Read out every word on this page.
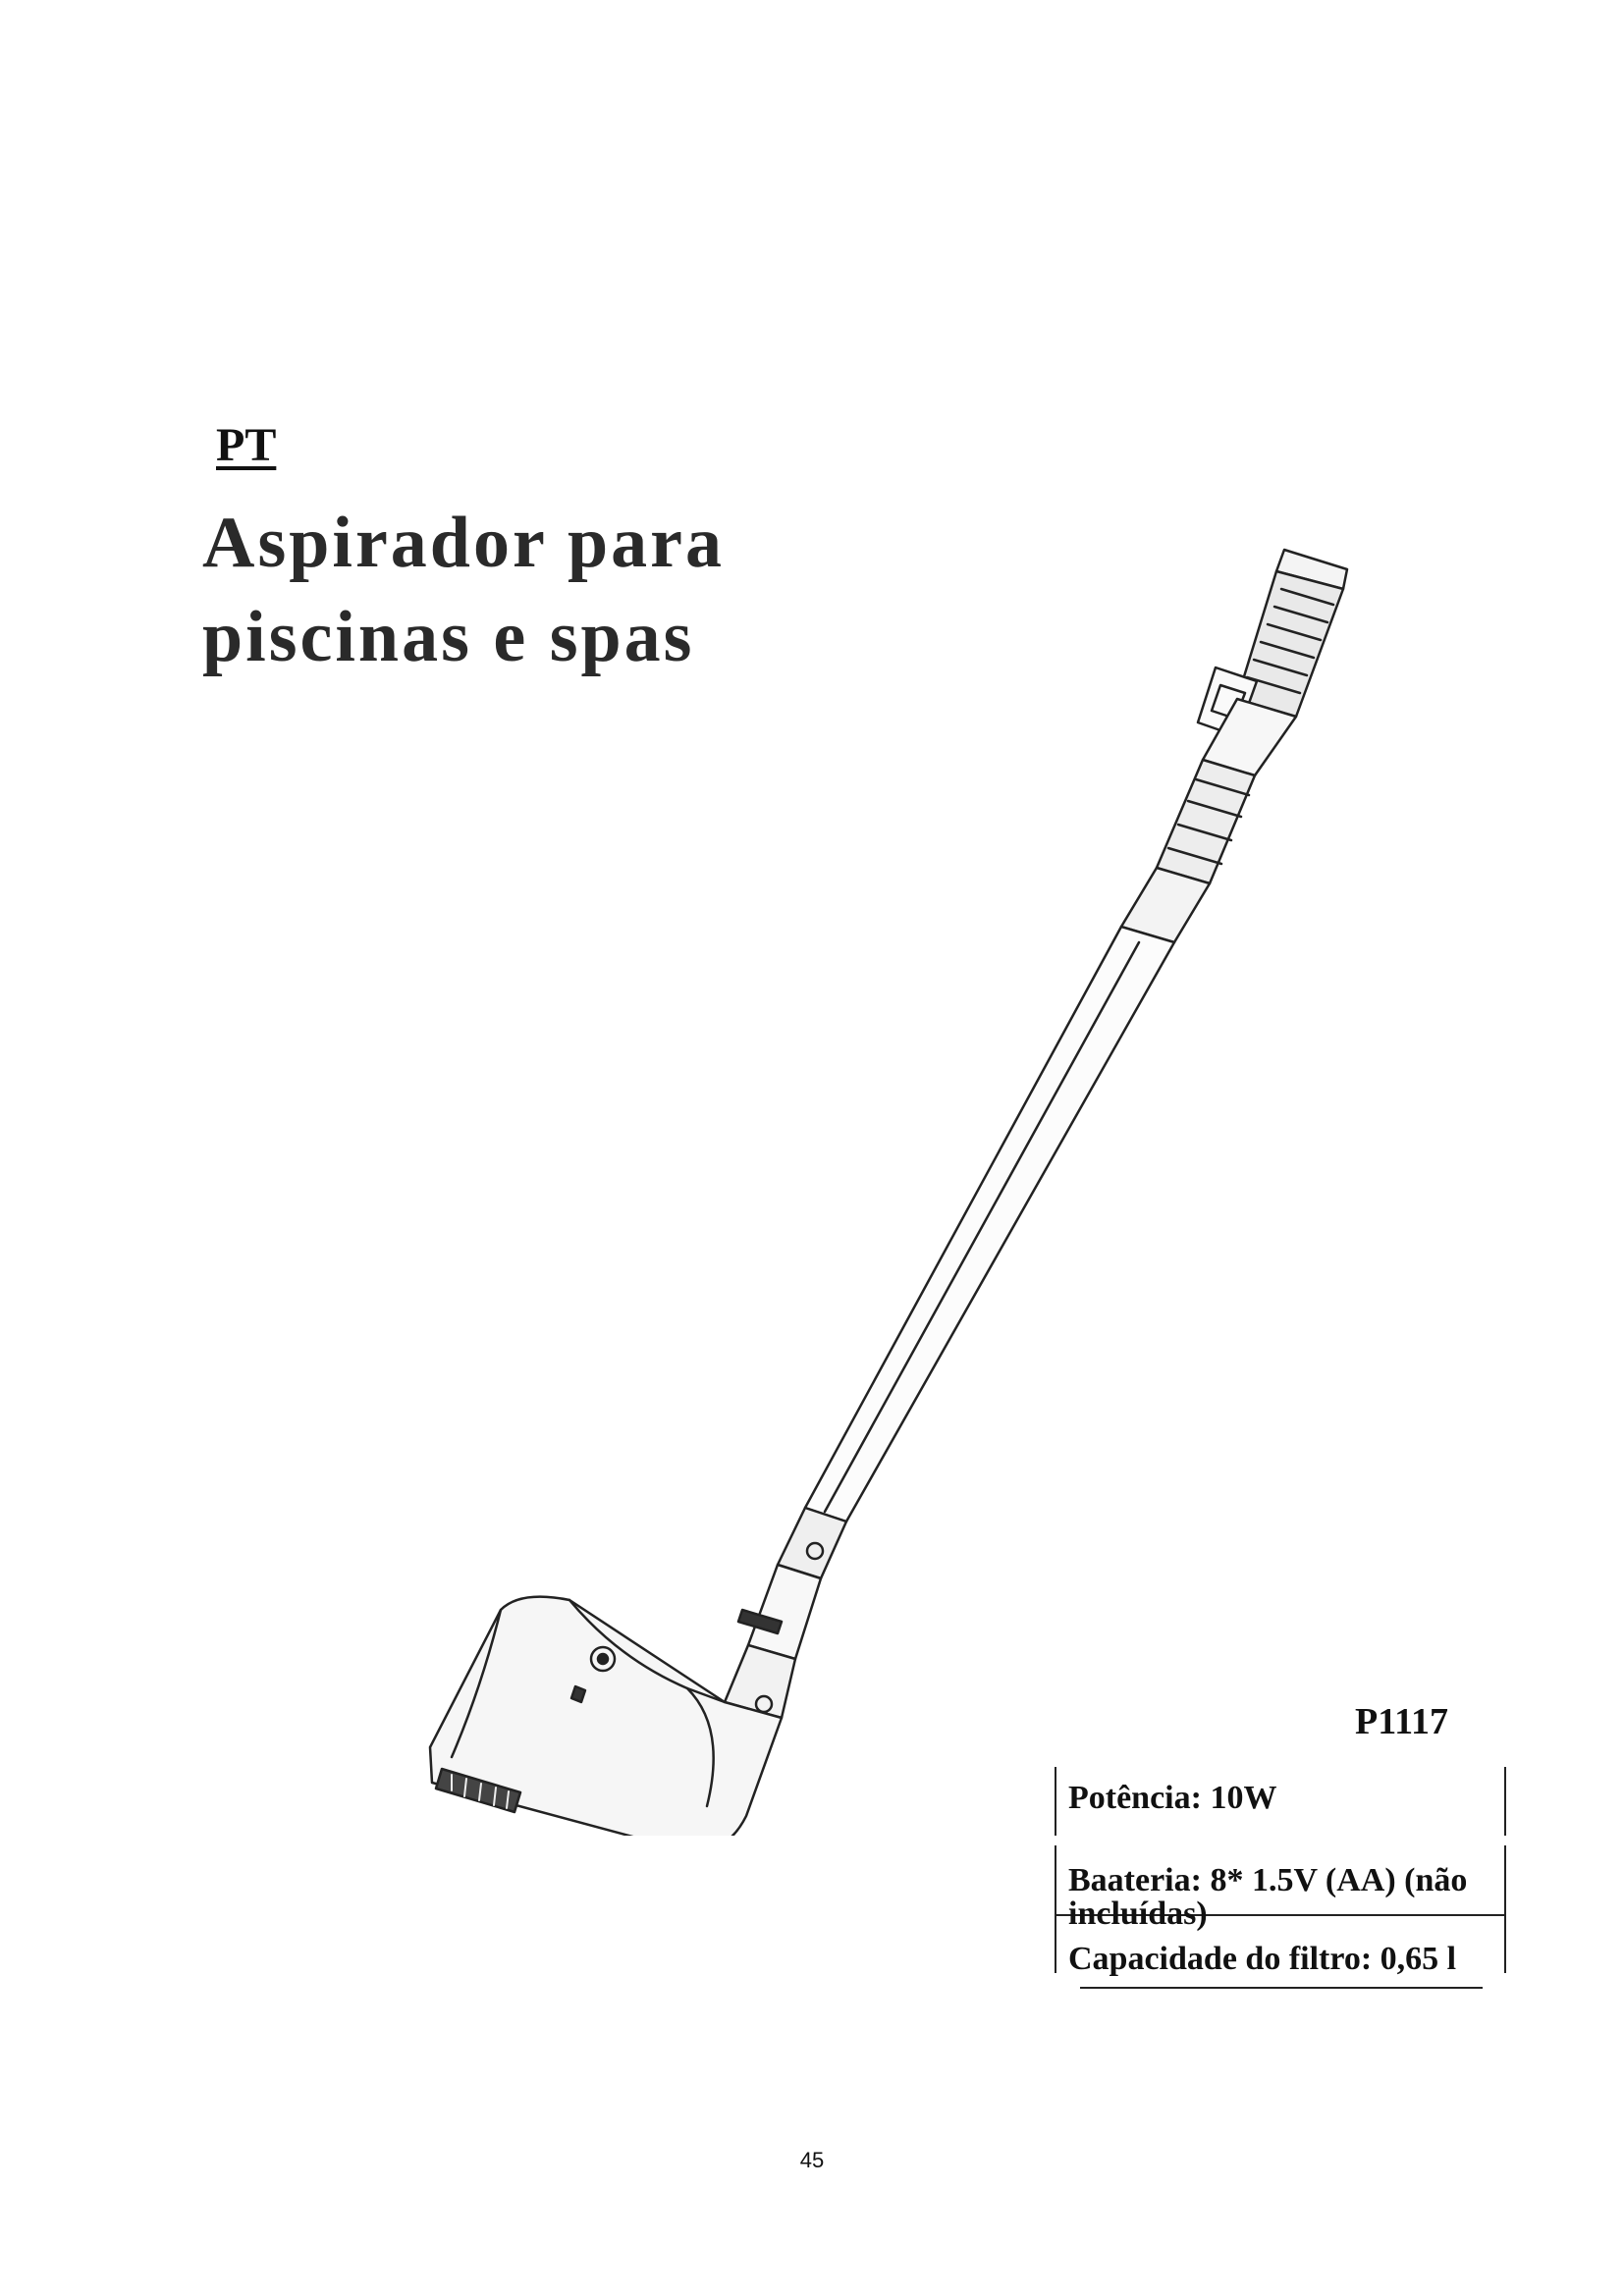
PT
Aspirador para piscinas e spas
P1117
Potência: 10W
Baateria: 8* 1.5V (AA) (não
incluídas)
Capacidade do filtro: 0,65 l
45
